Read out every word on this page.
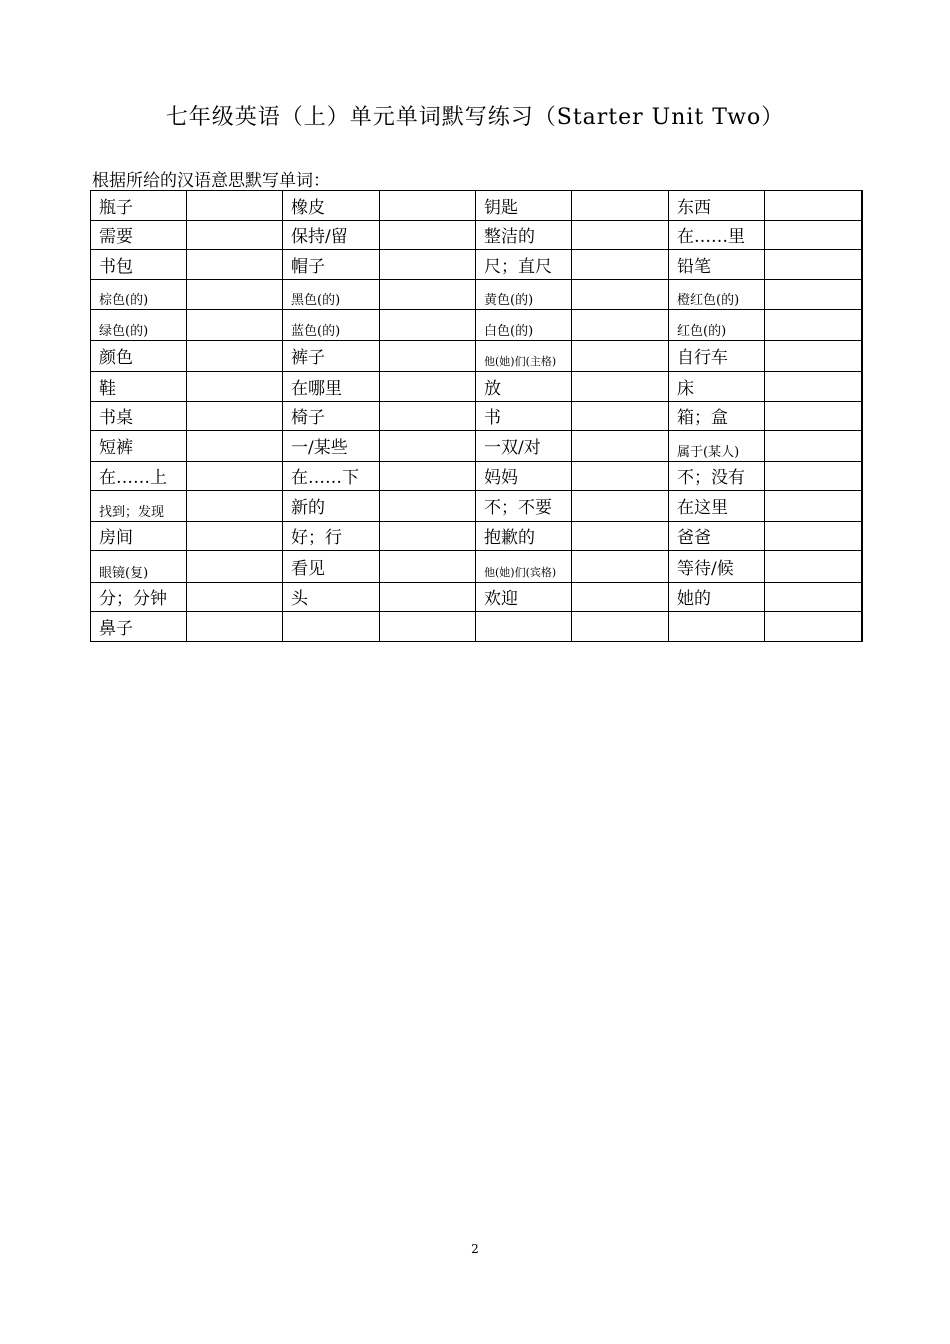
七年级英语（上）单元单词默写练习（Starter Unit Two）
根据所给的汉语意思默写单词：
瓶子		橡皮		钥匙		东西	
需要		保持/留		整洁的		在……里	
书包		帽子		尺；直尺		铅笔	
棕色(的)		黑色(的)		黄色(的)		橙红色(的)	
绿色(的)		蓝色(的)		白色(的)		红色(的)	
颜色		裤子		他(她)们(主格)		自行车	
鞋		在哪里		放		床	
书桌		椅子		书		箱；盒	
短裤		一/某些		一双/对		属于(某人)	
在……上		在……下		妈妈		不；没有	
找到；发现		新的		不；不要		在这里	
房间		好；行		抱歉的		爸爸	
眼镜(复)		看见		他(她)们(宾格)		等待/候	
分；分钟		头		欢迎		她的	
鼻子							
2
